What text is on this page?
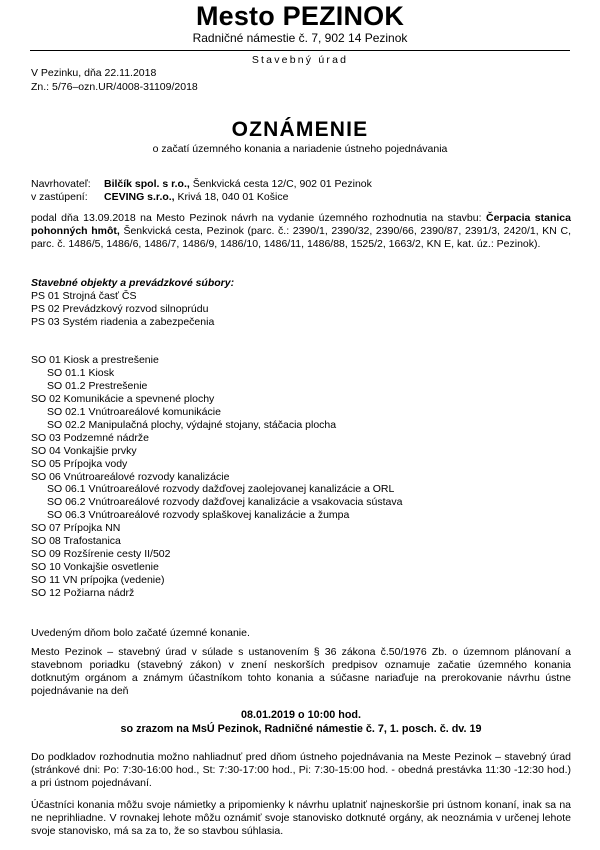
Mesto PEZINOK
Radničné námestie č. 7, 902 14 Pezinok
Stavebný úrad
V Pezinku, dňa 22.11.2018
Zn.: 5/76–ozn.UR/4008-31109/2018
OZNÁMENIE
o začatí územného konania a nariadenie ústneho pojednávania
Navrhovateľ:	Bilčík spol. s r.o., Šenkvická cesta 12/C, 902 01 Pezinok
v zastúpení:	CEVING s.r.o., Krivá 18, 040 01 Košice
podal dňa 13.09.2018 na Mesto Pezinok návrh na vydanie územného rozhodnutia na stavbu: Čerpacia stanica pohonných hmôt, Šenkvická cesta, Pezinok (parc. č.: 2390/1, 2390/32, 2390/66, 2390/87, 2391/3, 2420/1, KN C, parc. č. 1486/5, 1486/6, 1486/7, 1486/9, 1486/10, 1486/11, 1486/88, 1525/2, 1663/2, KN E, kat. úz.: Pezinok).
Stavebné objekty a prevádzkové súbory:
PS 01 Strojná časť ČS
PS 02 Prevádzkový rozvod silnoprúdu
PS 03 Systém riadenia a zabezpečenia
SO 01 Kiosk a prestrešenie
SO 01.1 Kiosk
SO 01.2 Prestrešenie
SO 02 Komunikácie a spevnené plochy
SO 02.1 Vnútroareálové komunikácie
SO 02.2 Manipulačná plochy, výdajné stojany, stáčacia plocha
SO 03 Podzemné nádrže
SO 04 Vonkajšie prvky
SO 05 Prípojka vody
SO 06 Vnútroareálové rozvody kanalizácie
SO 06.1 Vnútroareálové rozvody dažďovej zaolejovanej kanalizácie a ORL
SO 06.2 Vnútroareálové rozvody dažďovej kanalizácie a vsakovacia sústava
SO 06.3 Vnútroareálové rozvody splaškovej kanalizácie a žumpa
SO 07 Prípojka NN
SO 08 Trafostanica
SO 09 Rozšírenie cesty II/502
SO 10 Vonkajšie osvetlenie
SO 11 VN prípojka (vedenie)
SO 12 Požiarna nádrž
Uvedeným dňom bolo začaté územné konanie.
Mesto Pezinok – stavebný úrad v súlade s ustanovením § 36 zákona č.50/1976 Zb. o územnom plánovaní a stavebnom poriadku (stavebný zákon) v znení neskorších predpisov oznamuje začatie územného konania dotknutým orgánom a známym účastníkom tohto konania a súčasne nariaďuje na prerokovanie návrhu ústne pojednávanie na deň
08.01.2019 o 10:00 hod.
so zrazom na MsÚ Pezinok, Radničné námestie č. 7, 1. posch. č. dv. 19
Do podkladov rozhodnutia možno nahliadnuť pred dňom ústneho pojednávania na Meste Pezinok – stavebný úrad (stránkové dni: Po: 7:30-16:00 hod., St: 7:30-17:00 hod., Pi: 7:30-15:00 hod. - obedná prestávka 11:30 -12:30 hod.) a pri ústnom pojednávaní.
Účastníci konania môžu svoje námietky a pripomienky k návrhu uplatniť najneskoršie pri ústnom konaní, inak sa na ne neprihliadne. V rovnakej lehote môžu oznámiť svoje stanovisko dotknuté orgány, ak neoznámia v určenej lehote svoje stanovisko, má sa za to, že so stavbou súhlasia.
